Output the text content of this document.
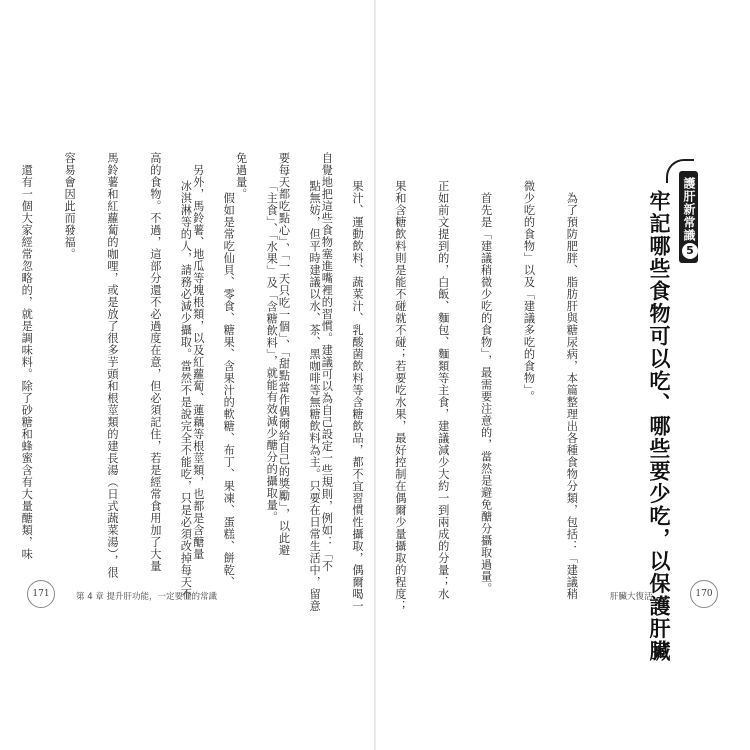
自覺地把這些食物塞進嘴裡的習慣。建議可以為自己設定一些規則，例如：「不

要每天都吃點心」、「一天只吃一個」、「甜點當作偶爾給自己的獎勵」，以此避

免過量。

　另外，馬鈴薯、地瓜等塊根類，以及紅蘿蔔、蓮藕等根莖類，也都是含醣量

高的食物。不過，這部分還不必過度在意，但必須記住，若是經常食用加了大量

馬鈴薯和紅蘿蔔的咖哩，或是放了很多芋頭和根莖類的建長湯（日式蔬菜湯），很

容易會因此而發福。

　還有一個大家經常忽略的，就是調味料。除了砂糖和蜂蜜含有大量醣類，味

171	第 4 章 提升肝功能，一定要懂的常識
護肝新常識
5
牢記哪些食物可以吃、哪些要少吃，以保護肝臟

　為了預防肥胖、脂肪肝與糖尿病，本篇整理出各種食物分類，包括：「建議稍

微少吃的食物」以及「建議多吃的食物」。

　首先是「建議稍微少吃的食物」，最需要注意的，當然是避免醣分攝取過量。

正如前文提到的，白飯、麵包、麵類等主食，建議減少大約一到兩成的分量；水

果和含糖飲料則是能不碰就不碰；若要吃水果，最好控制在偶爾少量攝取的程度；

果汁、運動飲料、蔬菜汁、乳酸菌飲料等含糖飲品，都不宜習慣性攝取，偶爾喝一

點無妨，但平時建議以水、茶、黑咖啡等無糖飲料為主。只要在日常生活中，留意

「主食」、「水果」及「含糖飲料」，就能有效減少醣分的攝取量。

　假如是常吃仙貝、零食、糖果、含果汁的軟糖、布丁、果凍、蛋糕、餅乾、

冰淇淋等的人，請務必減少攝取。當然不是說完全不能吃，只是必須改掉每天不	肝臟大復活	170
